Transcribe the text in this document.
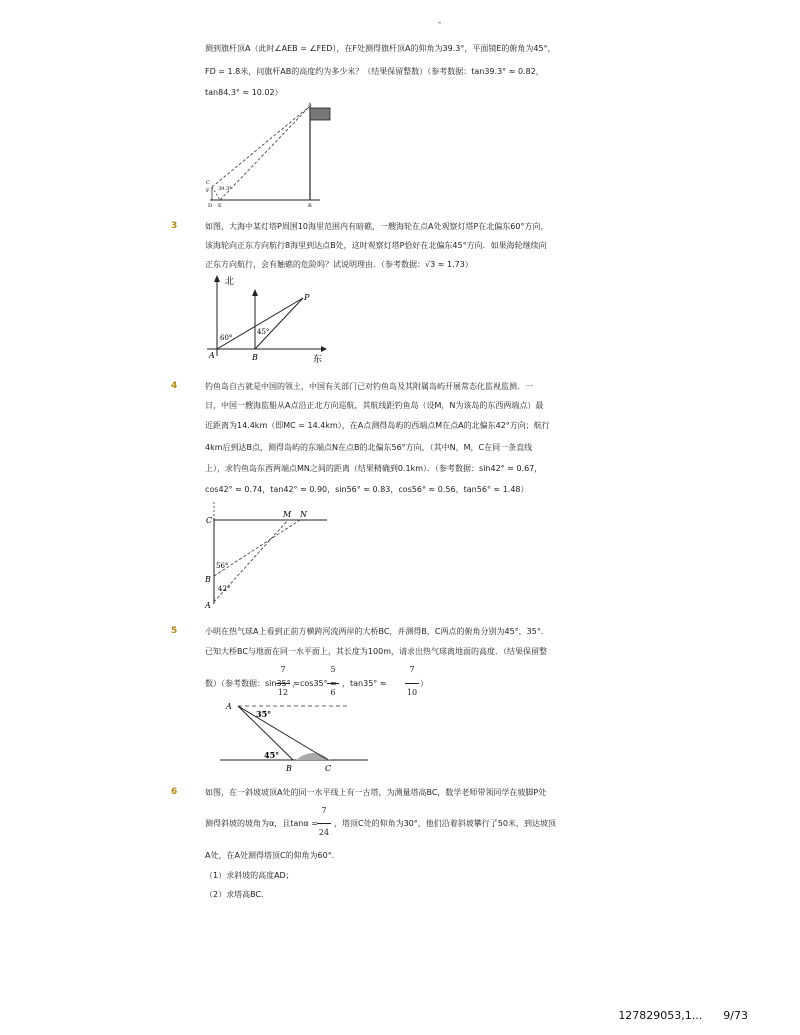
-
测到旗杆顶A（此时∠AEB = ∠FED），在F处测得旗杆顶A的仰角为39.3°，平面镜E的俯角为45°，
FD = 1.8米，问旗杆AB的高度约为多少米？（结果保留整数）（参考数据：tan39.3° ≈ 0.82，
tan84.3° ≈ 10.02）
A
B
C
D E
F 39.3°
3	如图，大海中某灯塔P周围10海里范围内有暗礁，一艘海轮在点A处观察灯塔P在北偏东60°方向，
该海轮向正东方向航行8海里到达点B处，这时观察灯塔P恰好在北偏东45°方向．如果海轮继续向
正东方向航行，会有触礁的危险吗？试说明理由．（参考数据：√3 ≈ 1.73）
北
东
A	B
P
60°
45°
4	钓鱼岛自古就是中国的领土，中国有关部门已对钓鱼岛及其附属岛屿开展常态化监视监测．一
日，中国一艘海监船从A点沿正北方向巡航，其航线距钓鱼岛（设M，N为该岛的东西两端点）最
近距离为14.4km（即MC = 14.4km），在A点测得岛屿的西端点M在点A的北偏东42°方向；航行
4km后到达B点，测得岛屿的东端点N在点B的北偏东56°方向，（其中N，M，C在同一条直线
上），求钓鱼岛东西两端点MN之间的距离（结果精确到0.1km）．（参考数据：sin42° ≈ 0.67，
cos42° ≈ 0.74，tan42° ≈ 0.90，sin56° ≈ 0.83，cos56° ≈ 0.56，tan56° ≈ 1.48）
C
M N
B
A
56°
42°
5	小明在热气球A上看到正前方横跨河流两岸的大桥BC，并测得B，C两点的俯角分别为45°，35°．
已知大桥BC与地面在同一水平面上，其长度为100m，请求出热气球离地面的高度．（结果保留整
7
12
5
6
7
10
数）（参考数据：sin35° ≈
，cos35° ≈ ，tan35° ≈	）
A
B	C
35°
45°
6	如图，在一斜坡坡顶A处的同一水平线上有一古塔，为测量塔高BC，数学老师带领同学在坡脚P处
7
24
测得斜坡的坡角为α，且tanα = ，塔顶C处的仰角为30°，他们沿着斜坡攀行了50米，到达坡顶
A处，在A处测得塔顶C的仰角为60°．
（1）求斜坡的高度AD；
（2）求塔高BC．
127829053,1... 9/73
